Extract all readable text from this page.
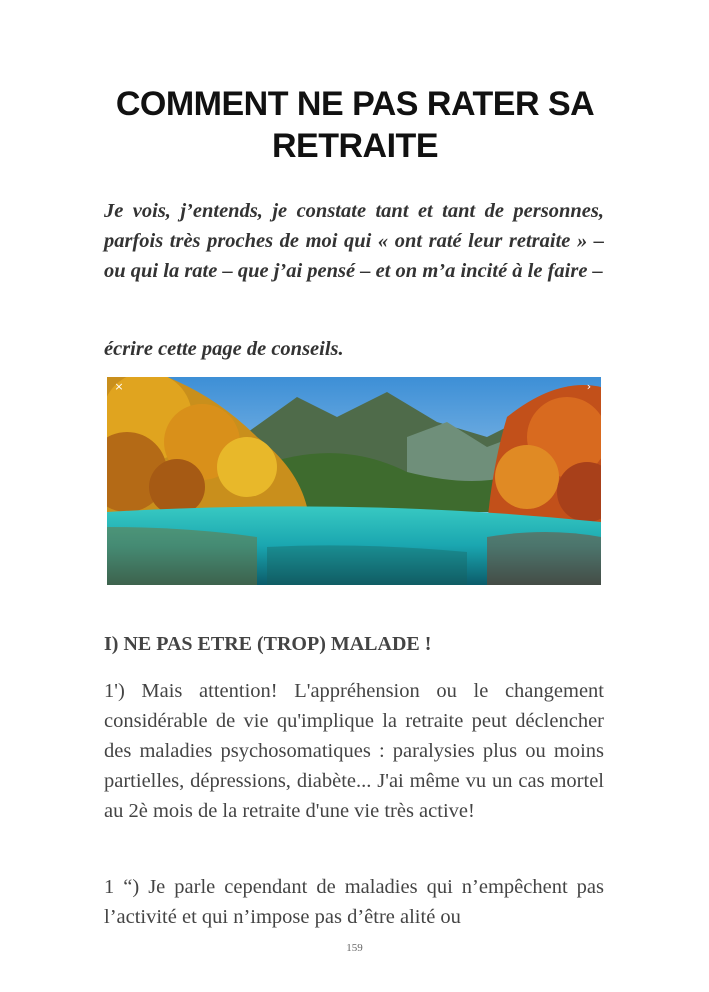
COMMENT NE PAS RATER SA RETRAITE

Je vois, j’entends, je constate tant et tant de personnes, parfois très proches de moi qui « ont raté leur retraite » – ou qui la rate – que j’ai pensé – et on m’a incité à le faire –

écrire cette page de conseils.

×	›
I) NE PAS ETRE (TROP) MALADE !

1') Mais attention! L'appréhension ou le changement considérable de vie qu'implique la retraite peut déclencher des maladies psychosomatiques : paralysies plus ou moins partielles, dépressions, diabète... J'ai même vu un cas mortel au 2è mois de la retraite d'une vie très active!

1 “) Je parle cependant de maladies qui n’empêchent pas l’activité et qui n’impose pas d’être alité ou

159
